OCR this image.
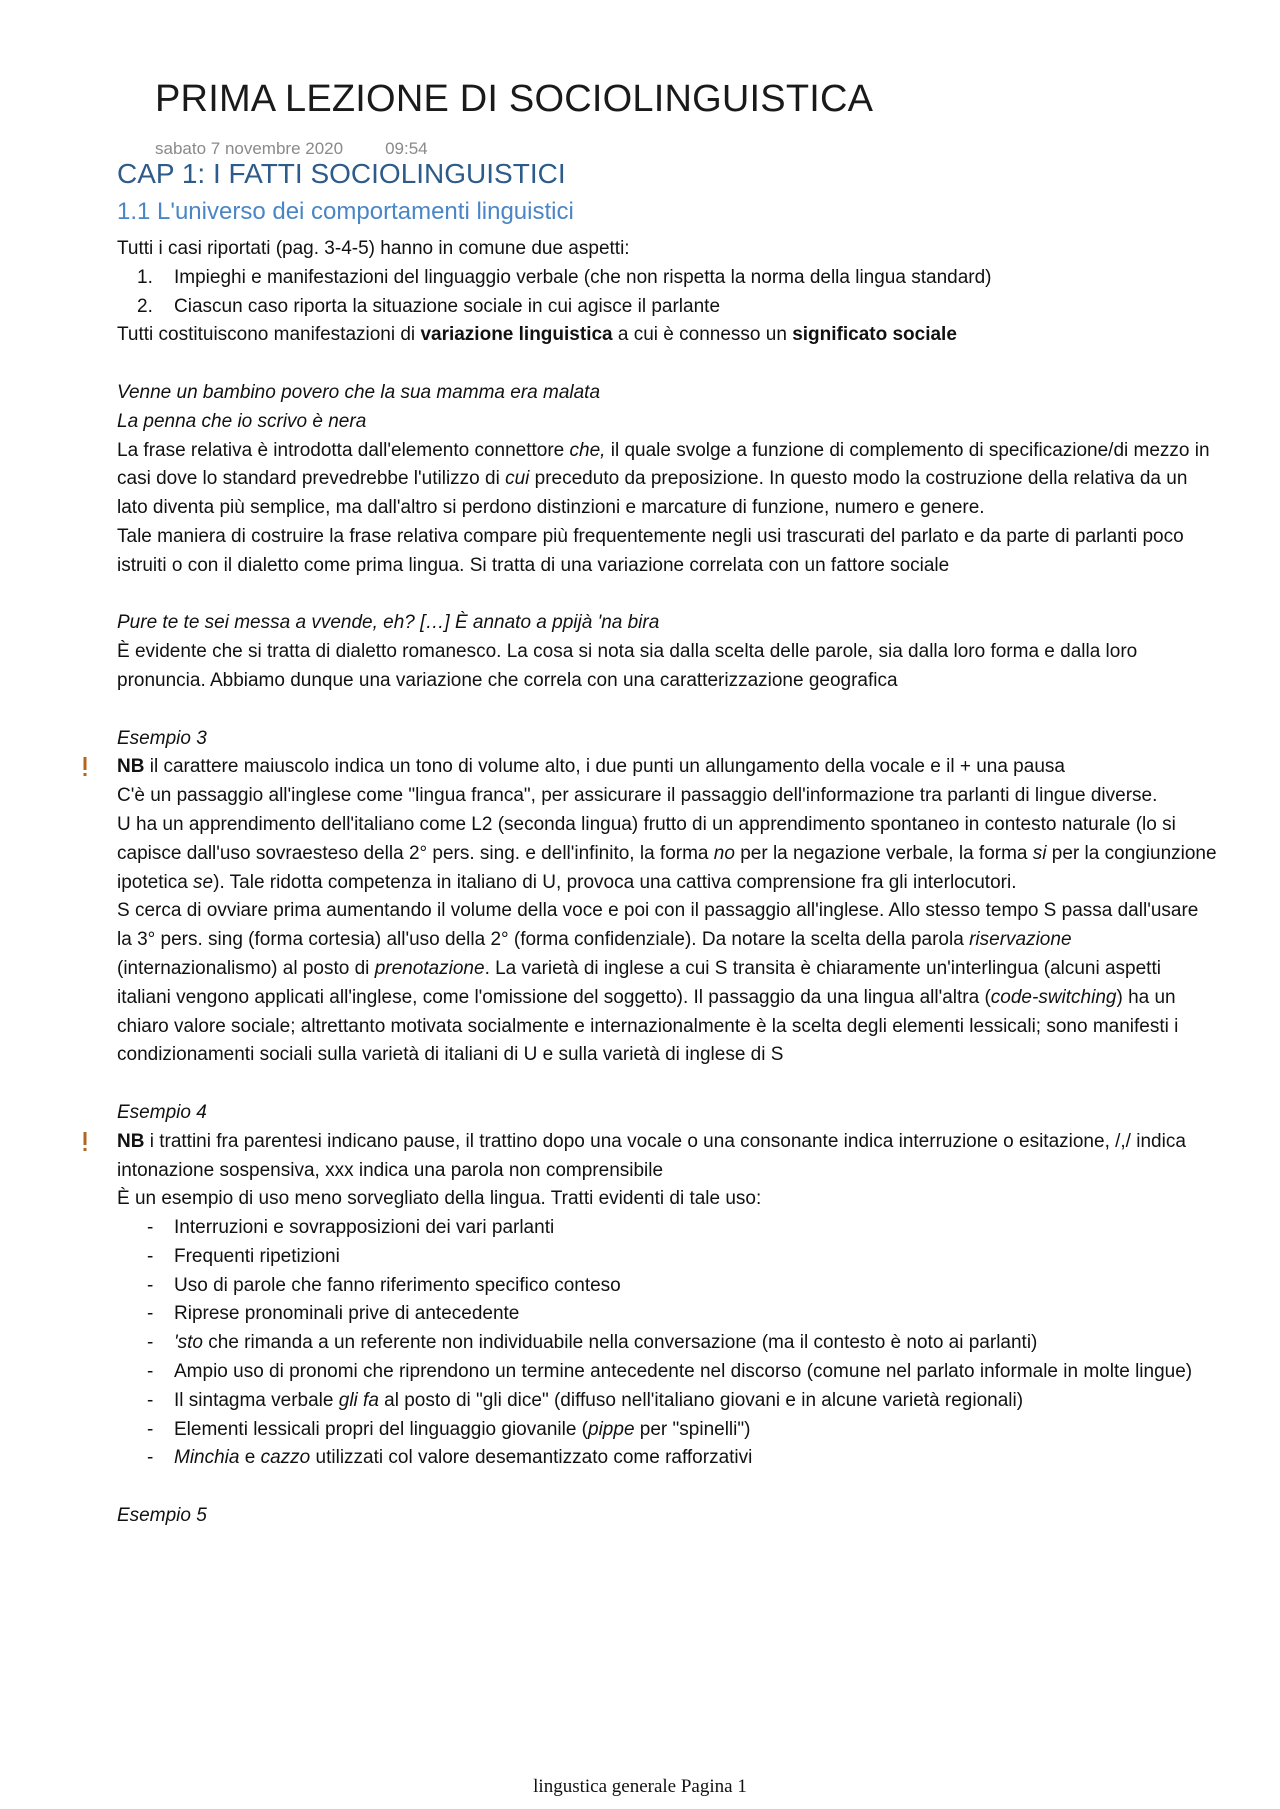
PRIMA LEZIONE DI SOCIOLINGUISTICA
sabato 7 novembre 2020 09:54
CAP 1: I FATTI SOCIOLINGUISTICI
1.1 L'universo dei comportamenti linguistici

Tutti i casi riportati (pag. 3-4-5) hanno in comune due aspetti:

1. Impieghi e manifestazioni del linguaggio verbale (che non rispetta la norma della lingua standard)
2. Ciascun caso riporta la situazione sociale in cui agisce il parlante

Tutti costituiscono manifestazioni di variazione linguistica a cui è connesso un significato sociale

Venne un bambino povero che la sua mamma era malata

La penna che io scrivo è nera

La frase relativa è introdotta dall'elemento connettore che, il quale svolge a funzione di complemento di specificazione/di mezzo in casi dove lo standard prevedrebbe l'utilizzo di cui preceduto da preposizione. In questo modo la costruzione della relativa da un lato diventa più semplice, ma dall'altro si perdono distinzioni e marcature di funzione, numero e genere.

Tale maniera di costruire la frase relativa compare più frequentemente negli usi trascurati del parlato e da parte di parlanti poco istruiti o con il dialetto come prima lingua. Si tratta di una variazione correlata con un fattore sociale

Pure te te sei messa a vvende, eh? […] È annato a ppijà 'na bira

È evidente che si tratta di dialetto romanesco. La cosa si nota sia dalla scelta delle parole, sia dalla loro forma e dalla loro pronuncia. Abbiamo dunque una variazione che correla con una caratterizzazione geografica

Esempio 3

NB il carattere maiuscolo indica un tono di volume alto, i due punti un allungamento della vocale e il + una pausa

C'è un passaggio all'inglese come "lingua franca", per assicurare il passaggio dell'informazione tra parlanti di lingue diverse.

U ha un apprendimento dell'italiano come L2 (seconda lingua) frutto di un apprendimento spontaneo in contesto naturale (lo si capisce dall'uso sovraesteso della 2° pers. sing. e dell'infinito, la forma no per la negazione verbale, la forma si per la congiunzione ipotetica se). Tale ridotta competenza in italiano di U, provoca una cattiva comprensione fra gli interlocutori.

S cerca di ovviare prima aumentando il volume della voce e poi con il passaggio all'inglese. Allo stesso tempo S passa dall'usare la 3° pers. sing (forma cortesia) all'uso della 2° (forma confidenziale). Da notare la scelta della parola riservazione (internazionalismo) al posto di prenotazione. La varietà di inglese a cui S transita è chiaramente un'interlingua (alcuni aspetti italiani vengono applicati all'inglese, come l'omissione del soggetto). Il passaggio da una lingua all'altra (code-switching) ha un chiaro valore sociale; altrettanto motivata socialmente e internazionalmente è la scelta degli elementi lessicali; sono manifesti i condizionamenti sociali sulla varietà di italiani di U e sulla varietà di inglese di S

Esempio 4

NB i trattini fra parentesi indicano pause, il trattino dopo una vocale o una consonante indica interruzione o esitazione, /,/ indica intonazione sospensiva, xxx indica una parola non comprensibile

È un esempio di uso meno sorvegliato della lingua. Tratti evidenti di tale uso:

- Interruzioni e sovrapposizioni dei vari parlanti
- Frequenti ripetizioni
- Uso di parole che fanno riferimento specifico conteso
- Riprese pronominali prive di antecedente
- 'sto che rimanda a un referente non individuabile nella conversazione (ma il contesto è noto ai parlanti)
- Ampio uso di pronomi che riprendono un termine antecedente nel discorso (comune nel parlato informale in molte lingue)
- Il sintagma verbale gli fa al posto di "gli dice" (diffuso nell'italiano giovani e in alcune varietà regionali)
- Elementi lessicali propri del linguaggio giovanile (pippe per "spinelli")
- Minchia e cazzo utilizzati col valore desemantizzato come rafforzativi

Esempio 5

lingustica generale Pagina 1
